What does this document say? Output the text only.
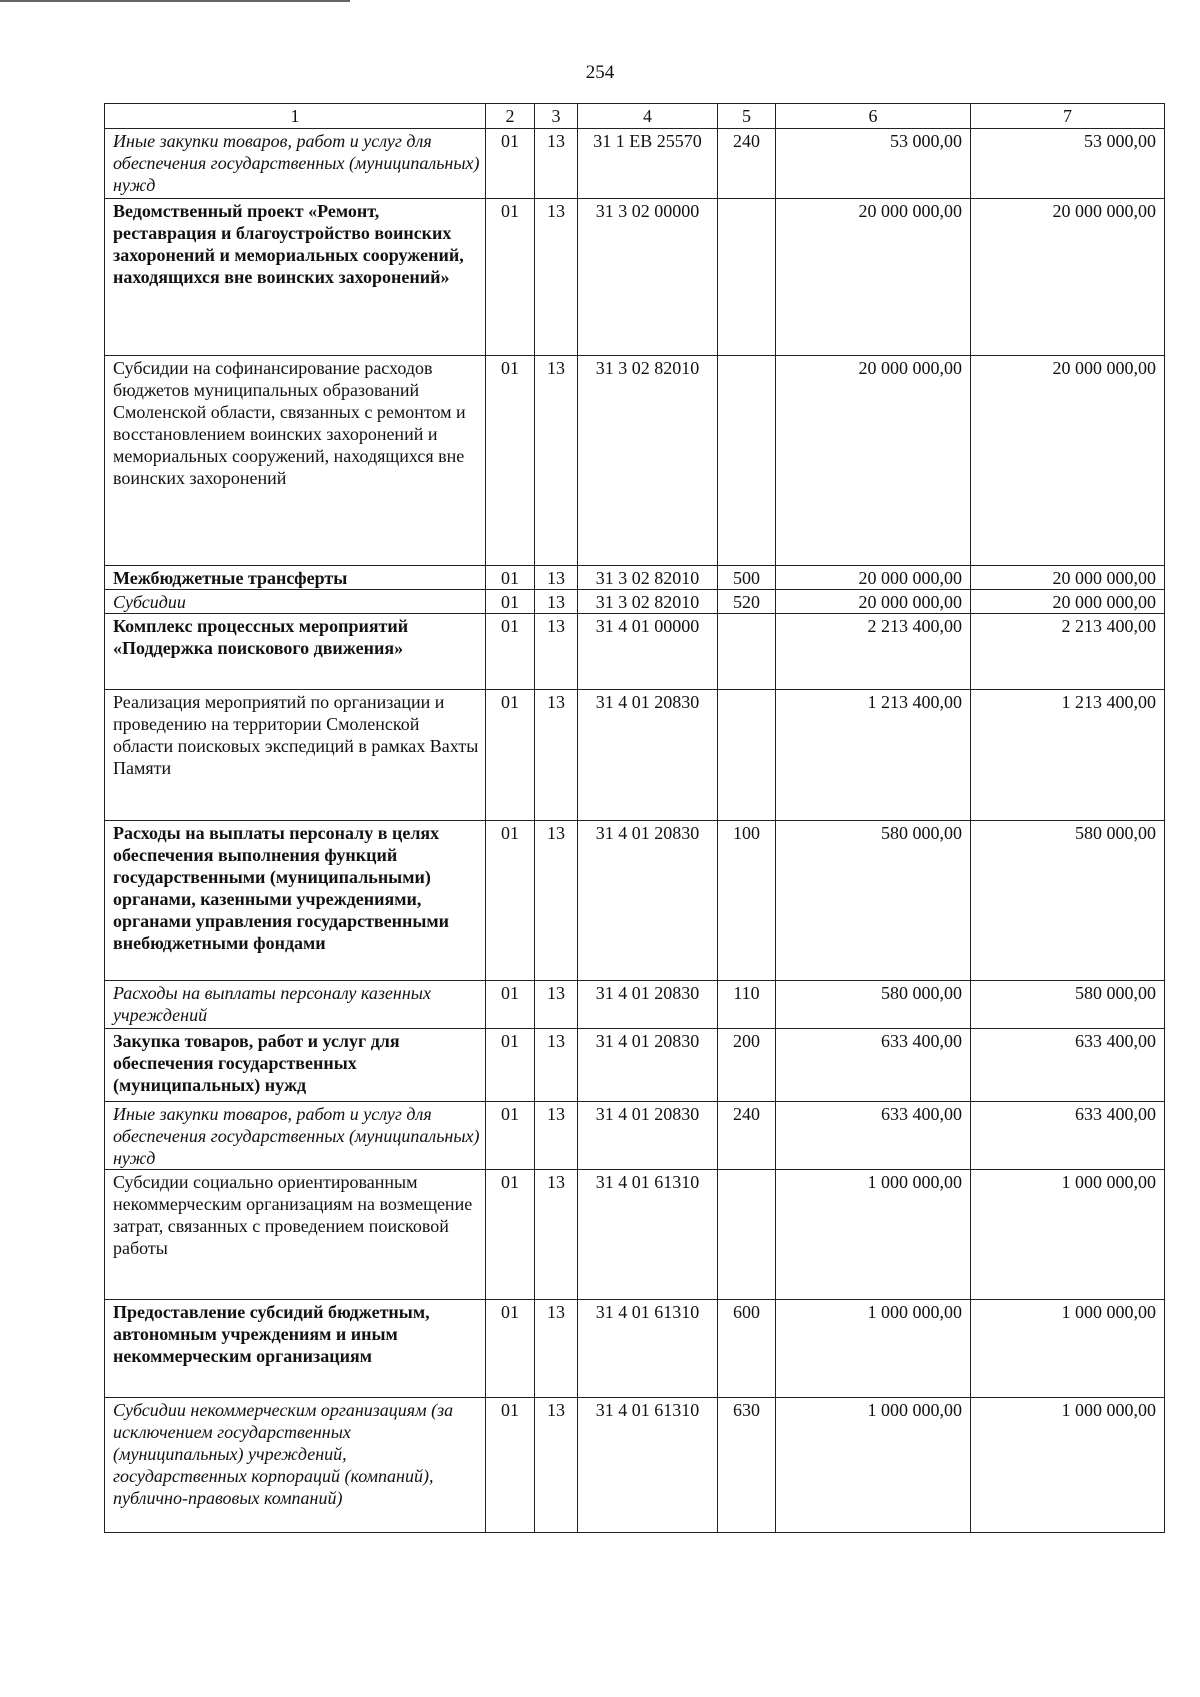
254
1	2	3	4	5	6	7
Иные закупки товаров, работ и услуг для обеспечения государственных (муниципальных) нужд	01	13	31 1 ЕВ 25570	240	53 000,00	53 000,00
Ведомственный проект «Ремонт, реставрация и благоустройство воинских захоронений и мемориальных сооружений, находящихся вне воинских захоронений»	01	13	31 3 02 00000		20 000 000,00	20 000 000,00
Субсидии на софинансирование расходов бюджетов муниципальных образований Смоленской области, связанных с ремонтом и восстановлением воинских захоронений и мемориальных сооружений, находящихся вне воинских захоронений	01	13	31 3 02 82010		20 000 000,00	20 000 000,00
Межбюджетные трансферты	01	13	31 3 02 82010	500	20 000 000,00	20 000 000,00
Субсидии	01	13	31 3 02 82010	520	20 000 000,00	20 000 000,00
Комплекс процессных мероприятий «Поддержка поискового движения»	01	13	31 4 01 00000		2 213 400,00	2 213 400,00
Реализация мероприятий по организации и проведению на территории Смоленской области поисковых экспедиций в рамках Вахты Памяти	01	13	31 4 01 20830		1 213 400,00	1 213 400,00
Расходы на выплаты персоналу в целях обеспечения выполнения функций государственными (муниципальными) органами, казенными учреждениями, органами управления государственными внебюджетными фондами	01	13	31 4 01 20830	100	580 000,00	580 000,00
Расходы на выплаты персоналу казенных учреждений	01	13	31 4 01 20830	110	580 000,00	580 000,00
Закупка товаров, работ и услуг для обеспечения государственных (муниципальных) нужд	01	13	31 4 01 20830	200	633 400,00	633 400,00
Иные закупки товаров, работ и услуг для обеспечения государственных (муниципальных) нужд	01	13	31 4 01 20830	240	633 400,00	633 400,00
Субсидии социально ориентированным некоммерческим организациям на возмещение затрат, связанных с проведением поисковой работы	01	13	31 4 01 61310		1 000 000,00	1 000 000,00
Предоставление субсидий бюджетным, автономным учреждениям и иным некоммерческим организациям	01	13	31 4 01 61310	600	1 000 000,00	1 000 000,00
Субсидии некоммерческим организациям (за исключением государственных (муниципальных) учреждений, государственных корпораций (компаний), публично-правовых компаний)	01	13	31 4 01 61310	630	1 000 000,00	1 000 000,00
